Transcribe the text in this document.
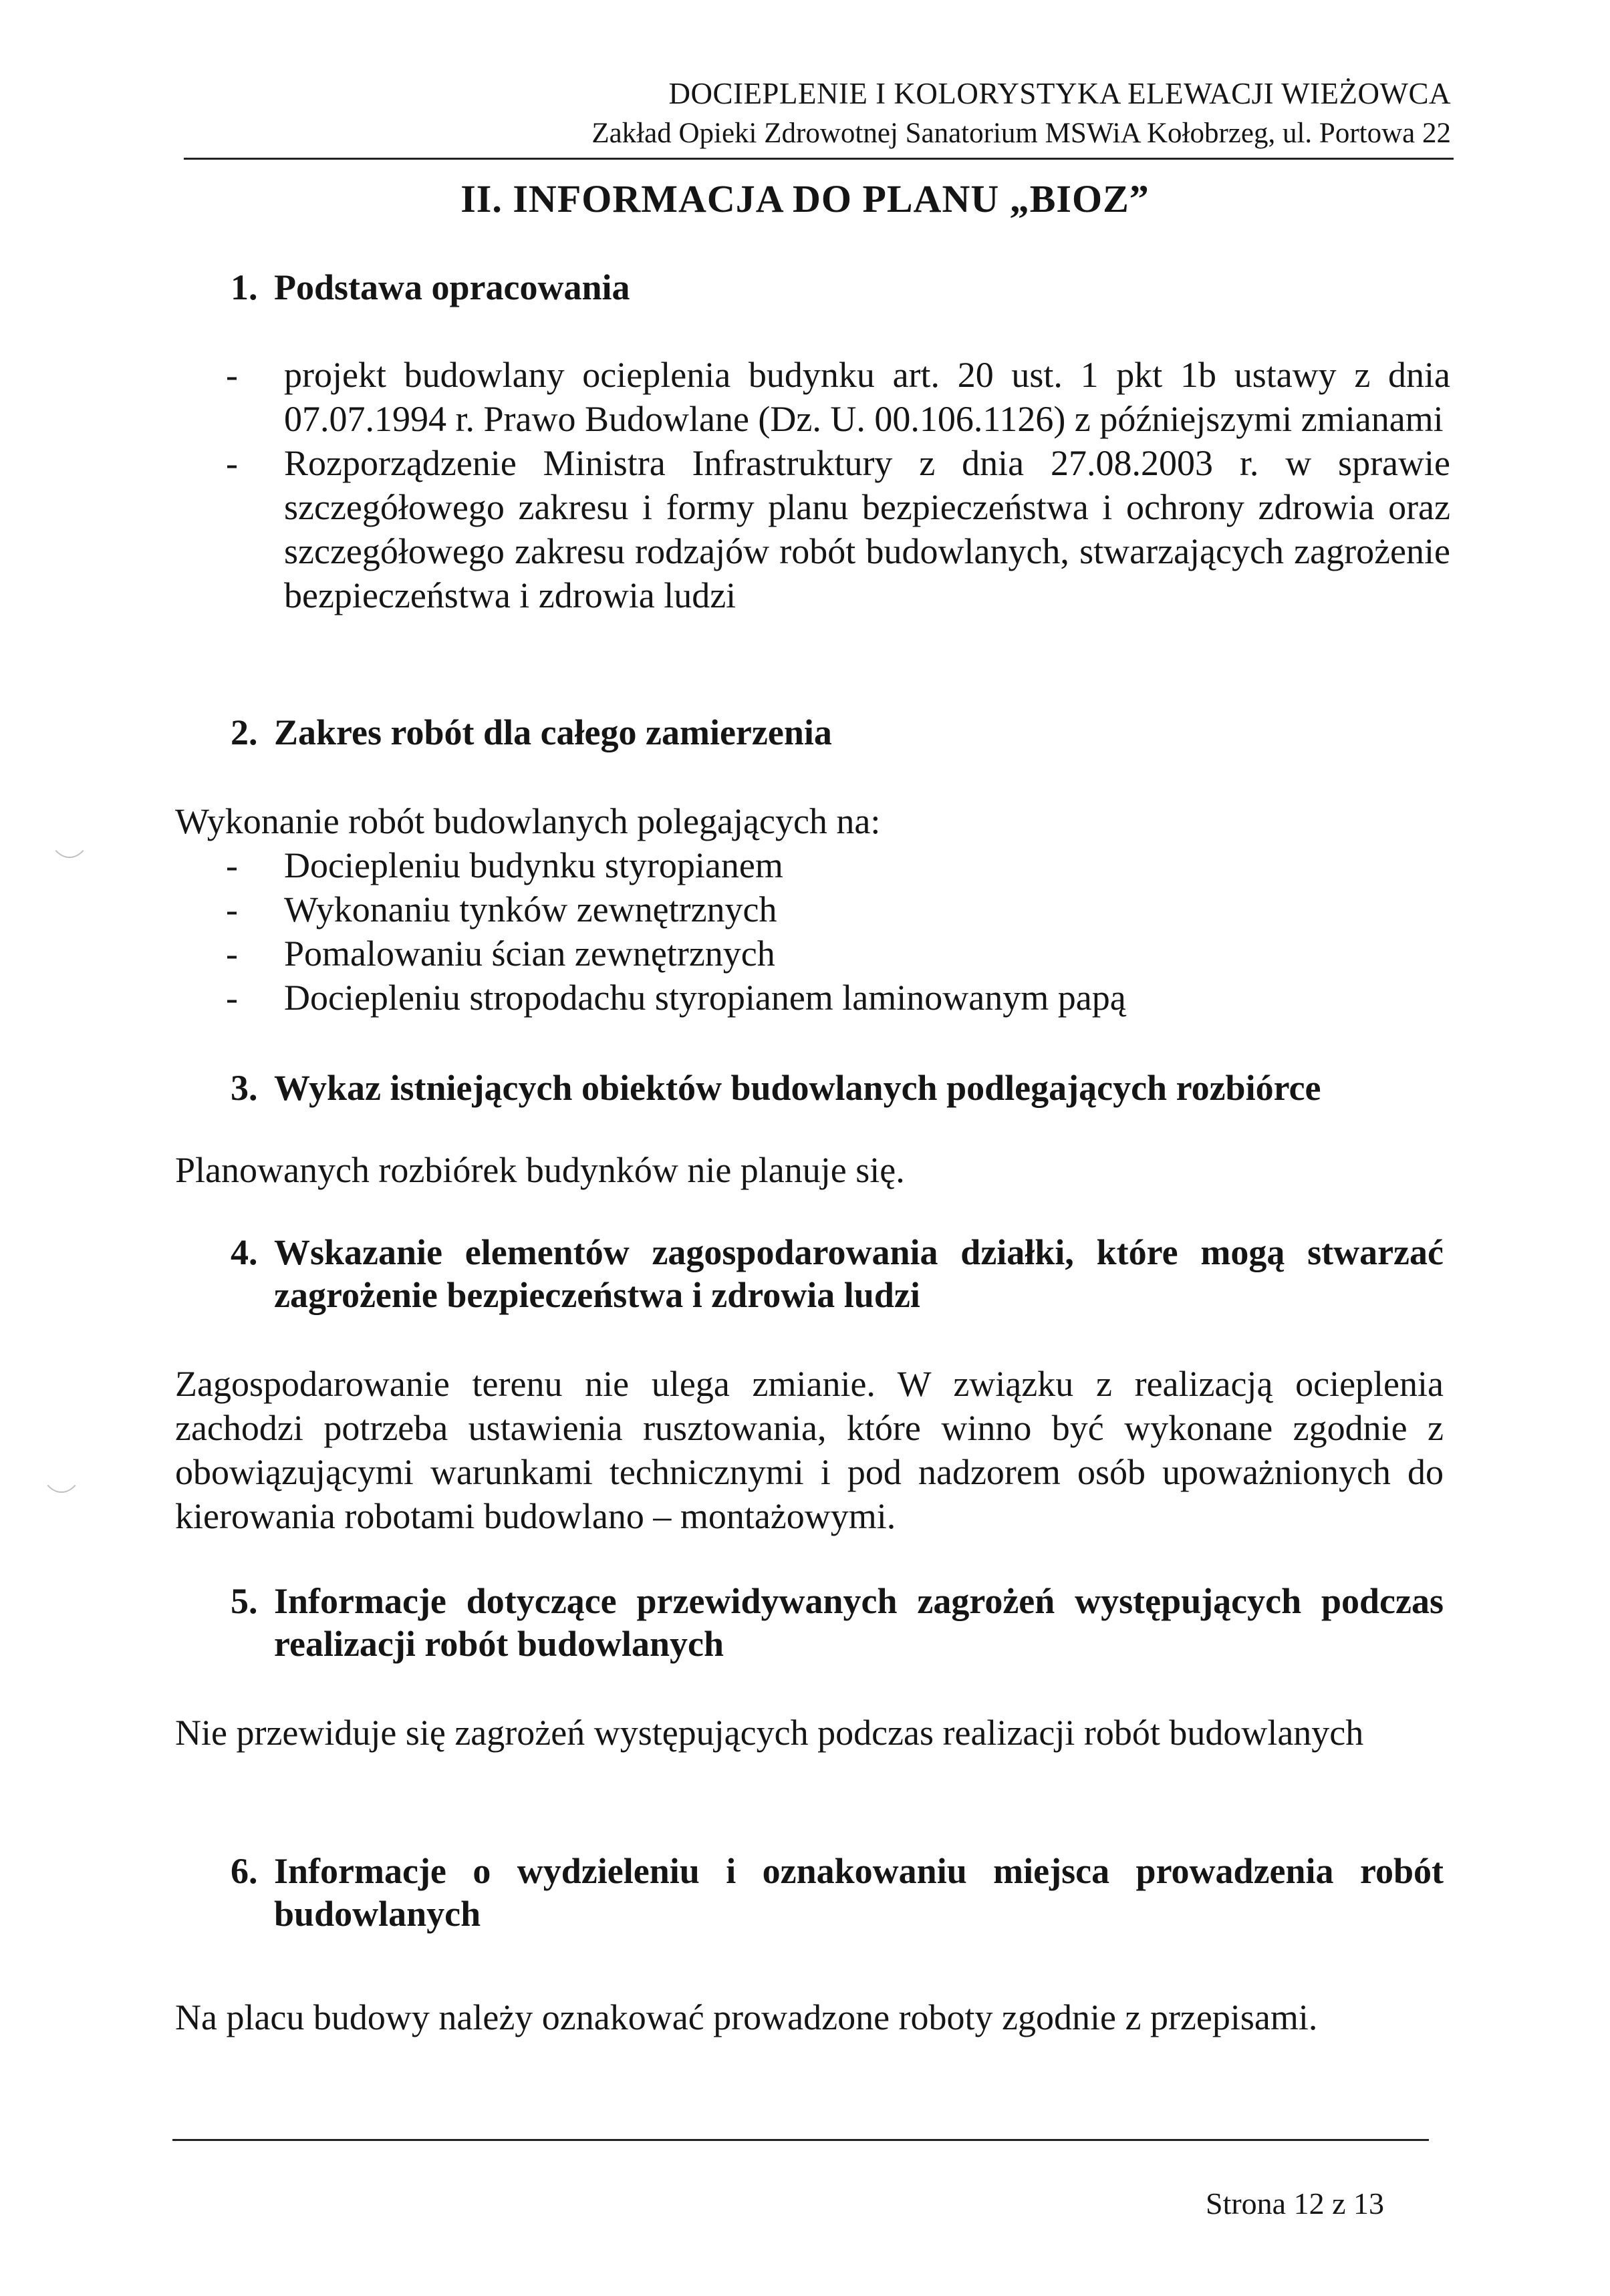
DOCIEPLENIE I KOLORYSTYKA ELEWACJI WIEŻOWCA
Zakład Opieki Zdrowotnej Sanatorium MSWiA Kołobrzeg, ul. Portowa 22
II. INFORMACJA DO PLANU „BIOZ”
1. Podstawa opracowania
- projekt budowlany ocieplenia budynku art. 20 ust. 1 pkt 1b ustawy z dnia 07.07.1994 r. Prawo Budowlane (Dz. U. 00.106.1126) z późniejszymi zmianami
- Rozporządzenie Ministra Infrastruktury z dnia 27.08.2003 r. w sprawie szczegółowego zakresu i formy planu bezpieczeństwa i ochrony zdrowia oraz szczegółowego zakresu rodzajów robót budowlanych, stwarzających zagrożenie bezpieczeństwa i zdrowia ludzi
2. Zakres robót dla całego zamierzenia
Wykonanie robót budowlanych polegających na:
- Dociepleniu budynku styropianem
- Wykonaniu tynków zewnętrznych
- Pomalowaniu ścian zewnętrznych
- Dociepleniu stropodachu styropianem laminowanym papą
3. Wykaz istniejących obiektów budowlanych podlegających rozbiórce
Planowanych rozbiórek budynków nie planuje się.
4. Wskazanie elementów zagospodarowania działki, które mogą stwarzać zagrożenie bezpieczeństwa i zdrowia ludzi
Zagospodarowanie terenu nie ulega zmianie. W związku z realizacją ocieplenia zachodzi potrzeba ustawienia rusztowania, które winno być wykonane zgodnie z obowiązującymi warunkami technicznymi i pod nadzorem osób upoważnionych do kierowania robotami budowlano – montażowymi.
5. Informacje dotyczące przewidywanych zagrożeń występujących podczas realizacji robót budowlanych
Nie przewiduje się zagrożeń występujących podczas realizacji robót budowlanych
6. Informacje o wydzieleniu i oznakowaniu miejsca prowadzenia robót budowlanych
Na placu budowy należy oznakować prowadzone roboty zgodnie z przepisami.
Strona 12 z 13
